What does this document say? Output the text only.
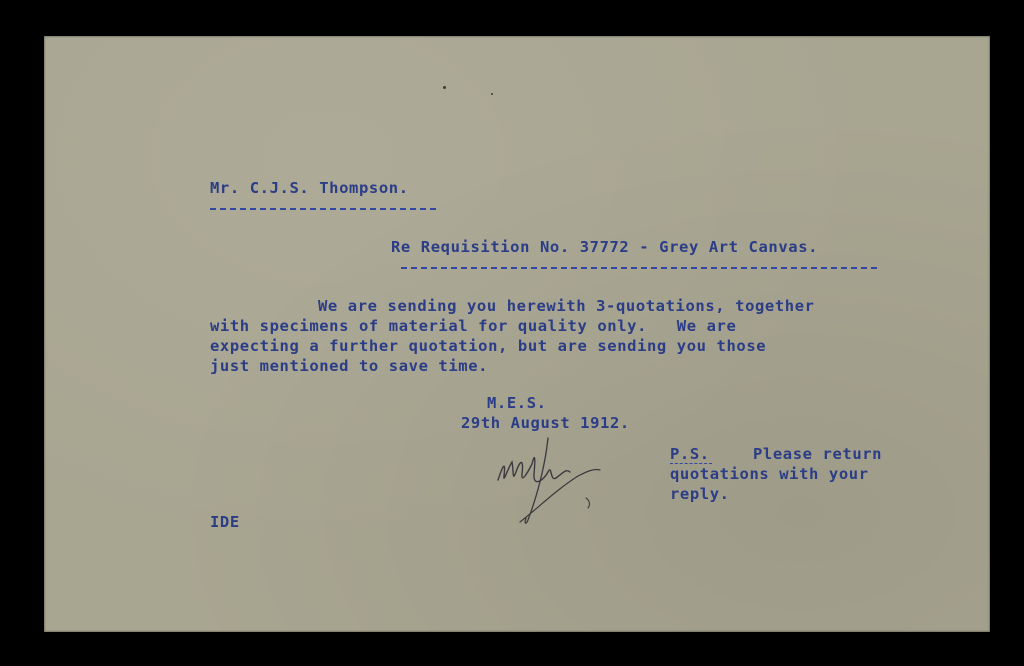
Mr. C.J.S. Thompson.
Re Requisition No. 37772 - Grey Art Canvas.
We are sending you herewith 3-quotations, together
with specimens of material for quality only.   We are
expecting a further quotation, but are sending you those
just mentioned to save time.
M.E.S.
29th August 1912.
P.S.	Please return
quotations with your
reply.
IDE
